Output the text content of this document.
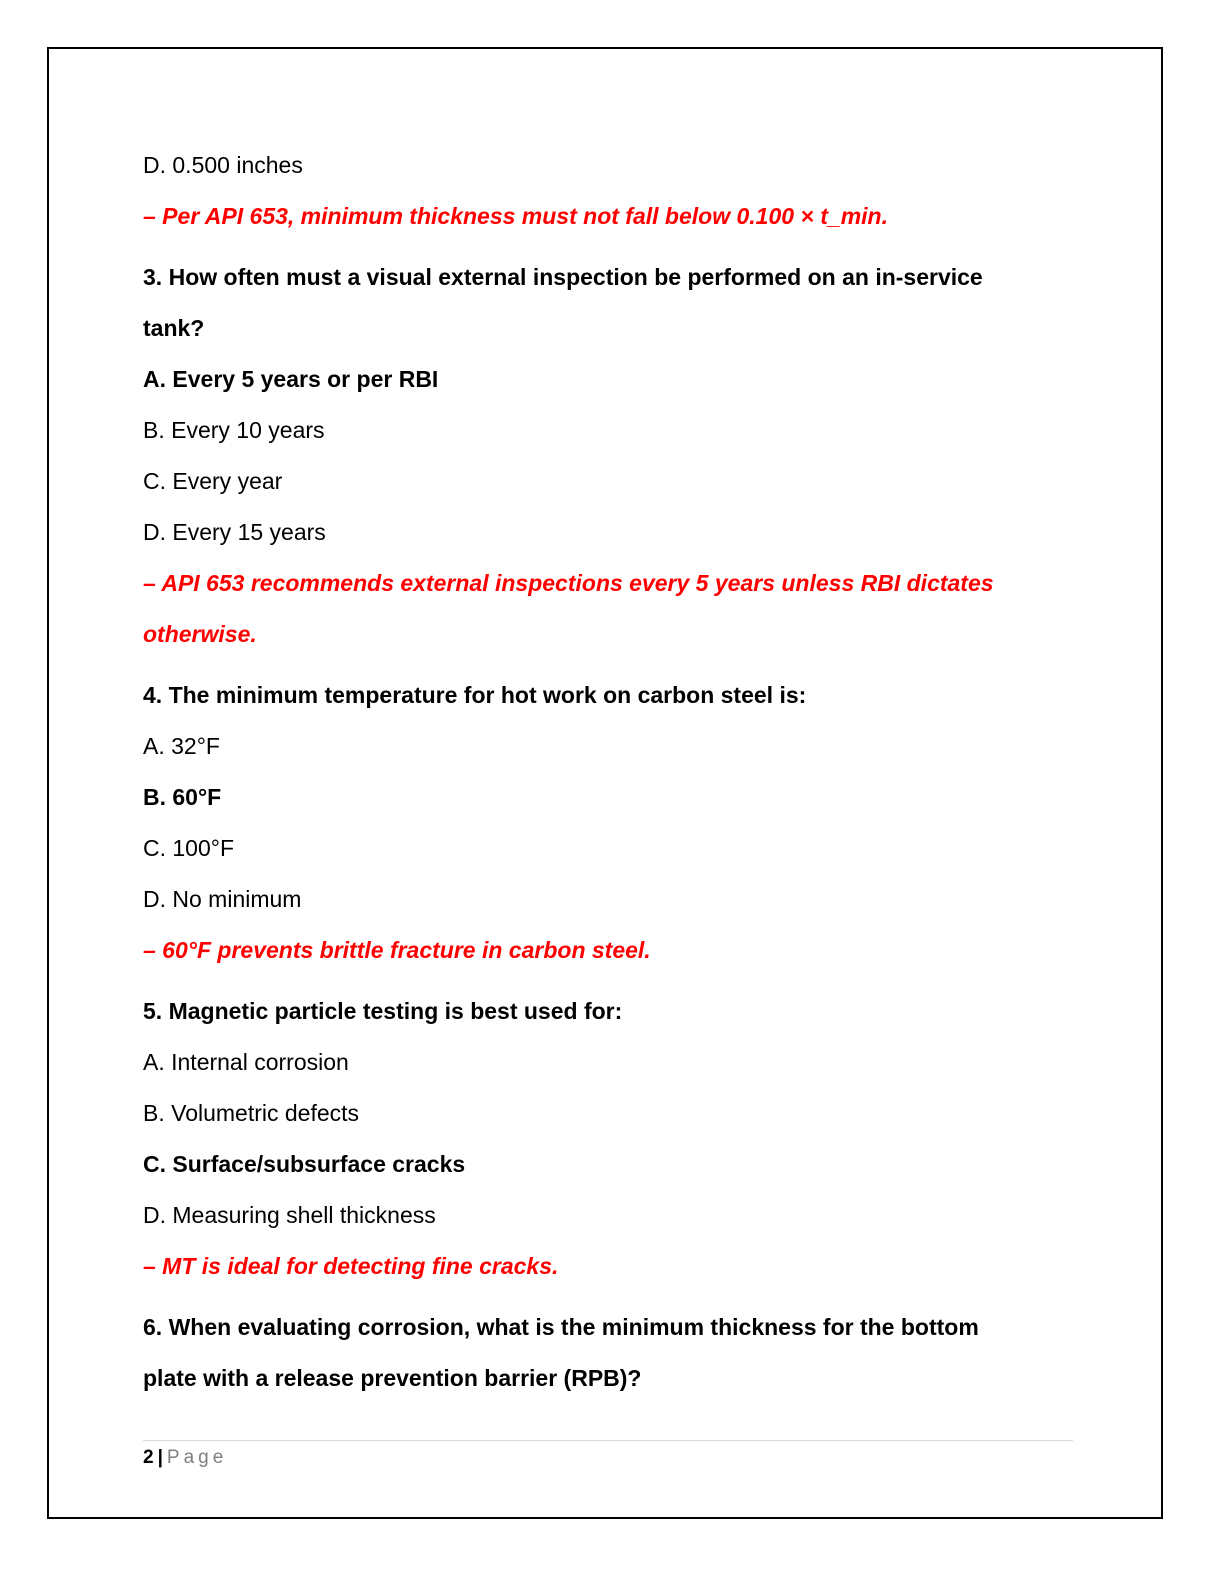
D. 0.500 inches
– Per API 653, minimum thickness must not fall below 0.100 × t_min.
3. How often must a visual external inspection be performed on an in-service
tank?
A. Every 5 years or per RBI
B. Every 10 years
C. Every year
D. Every 15 years
– API 653 recommends external inspections every 5 years unless RBI dictates
otherwise.
4. The minimum temperature for hot work on carbon steel is:
A. 32°F
B. 60°F
C. 100°F
D. No minimum
– 60°F prevents brittle fracture in carbon steel.
5. Magnetic particle testing is best used for:
A. Internal corrosion
B. Volumetric defects
C. Surface/subsurface cracks
D. Measuring shell thickness
– MT is ideal for detecting fine cracks.
6. When evaluating corrosion, what is the minimum thickness for the bottom
plate with a release prevention barrier (RPB)?
2 | Page
